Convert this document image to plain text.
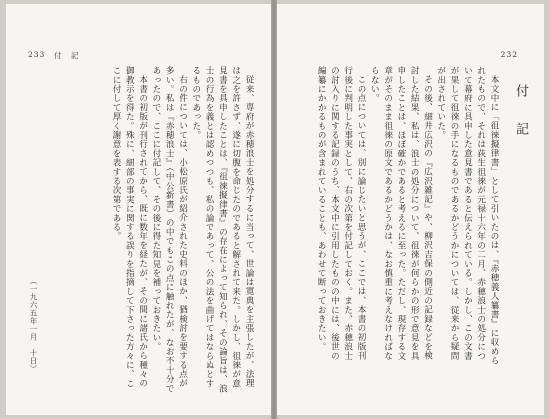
233 付　記

従来、専府が赤穂浪士を処分するに当って、世論は寛典を主張したが、法理は之を許さず、遂に切腹を命じたのであると解されて来た。しかし、徂徠が意見書を具申したことは、『徂徠擬律書』の存在によって知られ、その論旨は、浪士の行為を義とは認めつつも、私の論であって、公の法を曲げてはならぬとするものであった。

右の件については、小松原氏が紹介された史料のほか、猶検討を要する点が多い。私は『赤穂浪士』（中公新書）の中でもこの点に触れたが、なお不十分であったので、ここに付記して、その後に得た知見を補っておきたい。

本書の初版が刊行されてから、既に数年を経たが、その間に諸氏から種々の御教示を得た。殊に、細部の事実に関する誤りを指摘して下さった方々に、ここに付して厚く謝意を表する次第である。

（一九六五年一月　十日）
232
付　記

本文中に「徂徠擬律書」として引いたのは、『赤穂義人纂書』に収められたもので、それは荻生徂徠が元禄十六年の二月、赤穂浪士の処分について幕府に具申した意見書であると伝えられている。しかし、この文書が果して徂徠の手になるものであるかどうかについては、従来から疑問が出されていた。

その後、細井広沢の『広沢雑記』や、柳沢吉保の側近の記録などを検討した結果、私は、浪士の処分について、徂徠が何らかの形で意見を具申したことは、ほぼ確かであると考えるに至った。ただし、現存する文章がそのまま徂徠の原文であるかどうかは、なお慎重に考えなければならない。

この点については、別に論じたいと思うが、ここでは、本書の初版刊行後に判明した事実として、右の次第を付記しておく。また、赤穂浪士の討入りに関する記録のうち、本文中に引用したものの中には、後世の編纂にかかるものが含まれていることも、あわせて断っておきたい。
